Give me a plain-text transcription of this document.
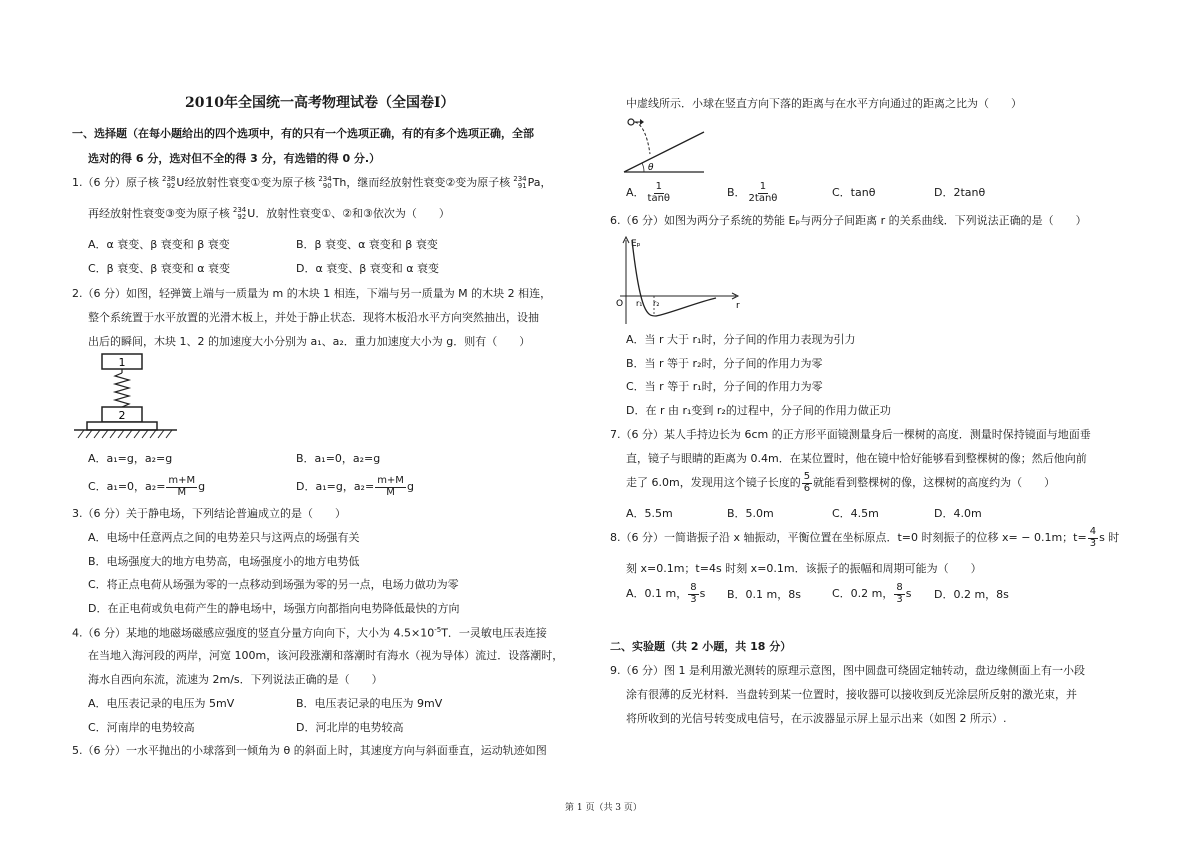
2010年全国统一高考物理试卷（全国卷Ⅰ）
一、选择题（在每小题给出的四个选项中，有的只有一个选项正确，有的有多个选项正确，全部
选对的得 6 分，选对但不全的得 3 分，有选错的得 0 分.）
1.（6 分）原子核 238
92 U经放射性衰变①变为原子核 234
90 Th，继而经放射性衰变②变为原子核 234
91 Pa，
再经放射性衰变③变为原子核 234
92 U．放射性衰变①、②和③依次为（　　）
A．α 衰变、β 衰变和 β 衰变	B．β 衰变、α 衰变和 β 衰变
C．β 衰变、β 衰变和 α 衰变	D．α 衰变、β 衰变和 α 衰变
2.（6 分）如图，轻弹簧上端与一质量为 m 的木块 1 相连，下端与另一质量为 M 的木块 2 相连，
整个系统置于水平放置的光滑木板上，并处于静止状态．现将木板沿水平方向突然抽出，设抽
出后的瞬间，木块 1、2 的加速度大小分别为 a₁、a₂．重力加速度大小为 g．则有（　　）
1
2
A．a₁=g，a₂=g	B．a₁=0，a₂=g
C．a₁=0，$a_2= \frac{m+M}{M}$ g	D．a₁=g，$a_2= \frac{m+M}{M}$ g
3.（6 分）关于静电场，下列结论普遍成立的是（　　）
A．电场中任意两点之间的电势差只与这两点的场强有关
B．电场强度大的地方电势高，电场强度小的地方电势低
C．将正点电荷从场强为零的一点移动到场强为零的另一点，电场力做功为零
D．在正电荷或负电荷产生的静电场中，场强方向都指向电势降低最快的方向
4.（6 分）某地的地磁场磁感应强度的竖直分量方向向下，大小为 $4.5\times 10^{-5}T$．一灵敏电压表连接
在当地入海河段的两岸，河宽 100m，该河段涨潮和落潮时有海水（视为导体）流过．设落潮时，
海水自西向东流，流速为 2m/s．下列说法正确的是（　　）
A．电压表记录的电压为 5mV	B．电压表记录的电压为 9mV
C．河南岸的电势较高	D．河北岸的电势较高
5.（6 分）一水平抛出的小球落到一倾角为 θ 的斜面上时，其速度方向与斜面垂直，运动轨迹如图
中虚线所示．小球在竖直方向下落的距离与在水平方向通过的距离之比为（　　）
θ
A． $\frac{1}{\tan\theta}$	B． $\frac{1}{2\tan\theta}$	C．tanθ	D．2tanθ
6.（6 分）如图为两分子系统的势能 Eₚ与两分子间距离 r 的关系曲线．下列说法正确的是（　　）
Eₚ
O r₁ r₂	r
A．当 r 大于 r₁时，分子间的作用力表现为引力
B．当 r 等于 r₂时，分子间的作用力为零
C．当 r 等于 r₁时，分子间的作用力为零
D．在 r 由 r₁变到 r₂的过程中，分子间的作用力做正功
7.（6 分）某人手持边长为 6cm 的正方形平面镜测量身后一棵树的高度．测量时保持镜面与地面垂
直，镜子与眼睛的距离为 0.4m．在某位置时，他在镜中恰好能够看到整棵树的像；然后他向前
走了 6.0m，发现用这个镜子长度的 $\frac{5}{6}$ 就能看到整棵树的像，这棵树的高度约为（　　）
A．5.5m	B．5.0m	C．4.5m	D．4.0m
8.（6 分）一简谐振子沿 x 轴振动，平衡位置在坐标原点．t=0 时刻振子的位移 x= − 0.1m；$t= \frac{4}{3}$ s 时
刻 x=0.1m；t=4s 时刻 x=0.1m．该振子的振幅和周期可能为（　　）
A．0.1 m， $\frac{8}{3}$ s B．0.1 m，8s	C．0.2 m， $\frac{8}{3}$ s D．0.2 m，8s
二、实验题（共 2 小题，共 18 分）
9.（6 分）图 1 是利用激光测转的原理示意图，图中圆盘可绕固定轴转动，盘边缘侧面上有一小段
涂有很薄的反光材料．当盘转到某一位置时，接收器可以接收到反光涂层所反射的激光束，并
将所收到的光信号转变成电信号，在示波器显示屏上显示出来（如图 2 所示）.
第 1 页（共 3 页）
